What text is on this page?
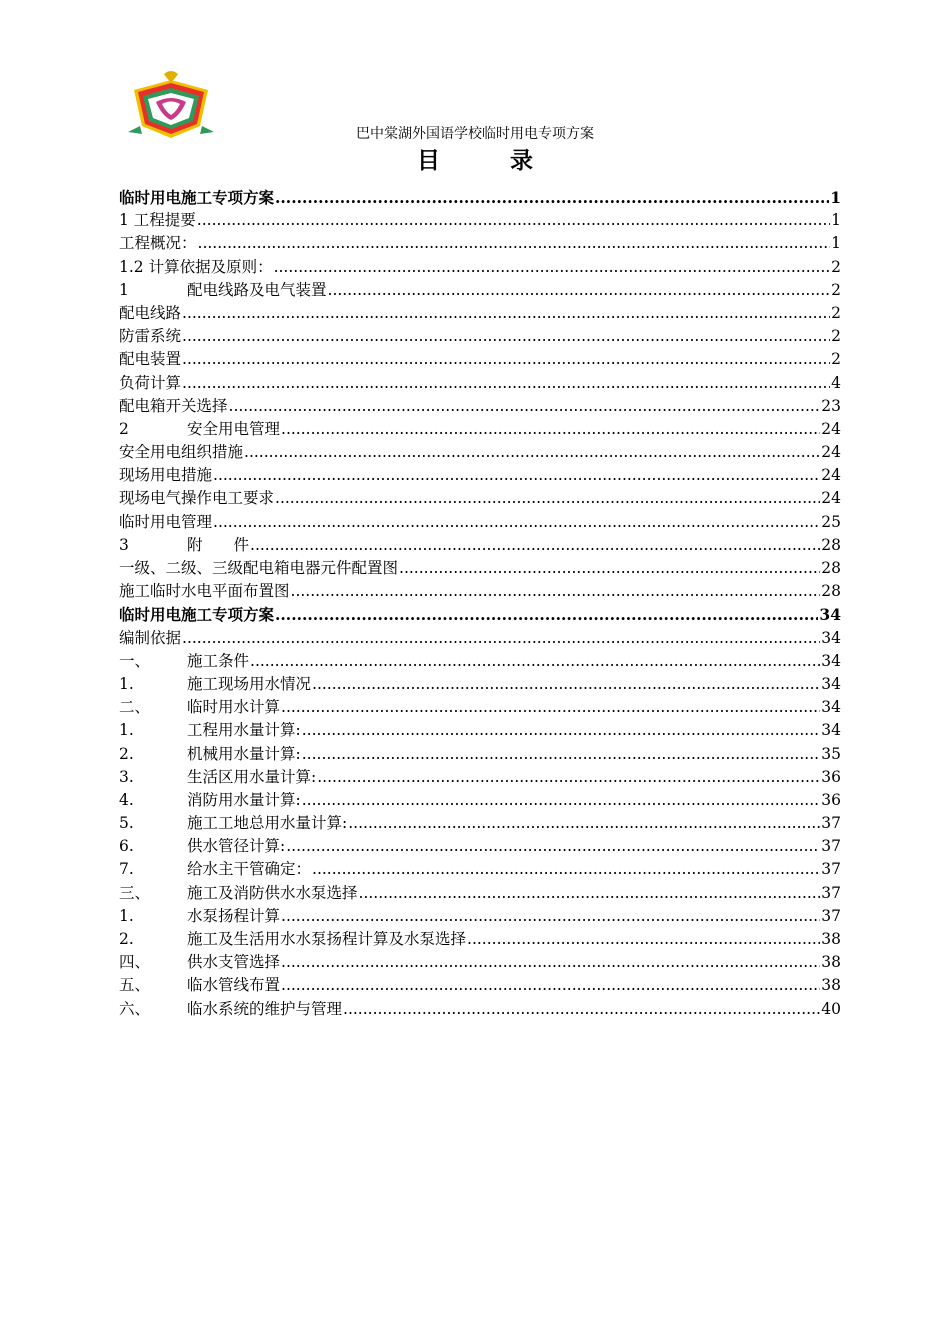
巴中棠湖外国语学校临时用电专项方案
目	录
临时用电施工专项方案 .....	1
1 工程提要 .....	1
工程概况： .....	1
1.2 计算依据及原则： .....	2
1	配电线路及电气装置 .....	2
配电线路 .....	2
防雷系统 .....	2
配电装置 .....	2
负荷计算 .....	4
配电箱开关选择 .....	23
2	安全用电管理 .....	24
安全用电组织措施 .....	24
现场用电措施 .....	24
现场电气操作电工要求 .....	24
临时用电管理 .....	25
3	附　　件 .....	28
一级、二级、三级配电箱电器元件配置图 .....	28
施工临时水电平面布置图 .....	28
临时用电施工专项方案 .....	34
编制依据 .....	34
一、	施工条件 .....	34
1.	施工现场用水情况 .....	34
二、	临时用水计算 .....	34
1.	工程用水量计算: .....	34
2.	机械用水量计算: .....	35
3.	生活区用水量计算: .....	36
4.	消防用水量计算: .....	36
5.	施工工地总用水量计算: .....	37
6.	供水管径计算: .....	37
7.	给水主干管确定： .....	37
三、	施工及消防供水水泵选择 .....	37
1.	水泵扬程计算 .....	37
2.	施工及生活用水水泵扬程计算及水泵选择 .....	38
四、	供水支管选择 .....	38
五、	临水管线布置 .....	38
六、	临水系统的维护与管理 .....	40
